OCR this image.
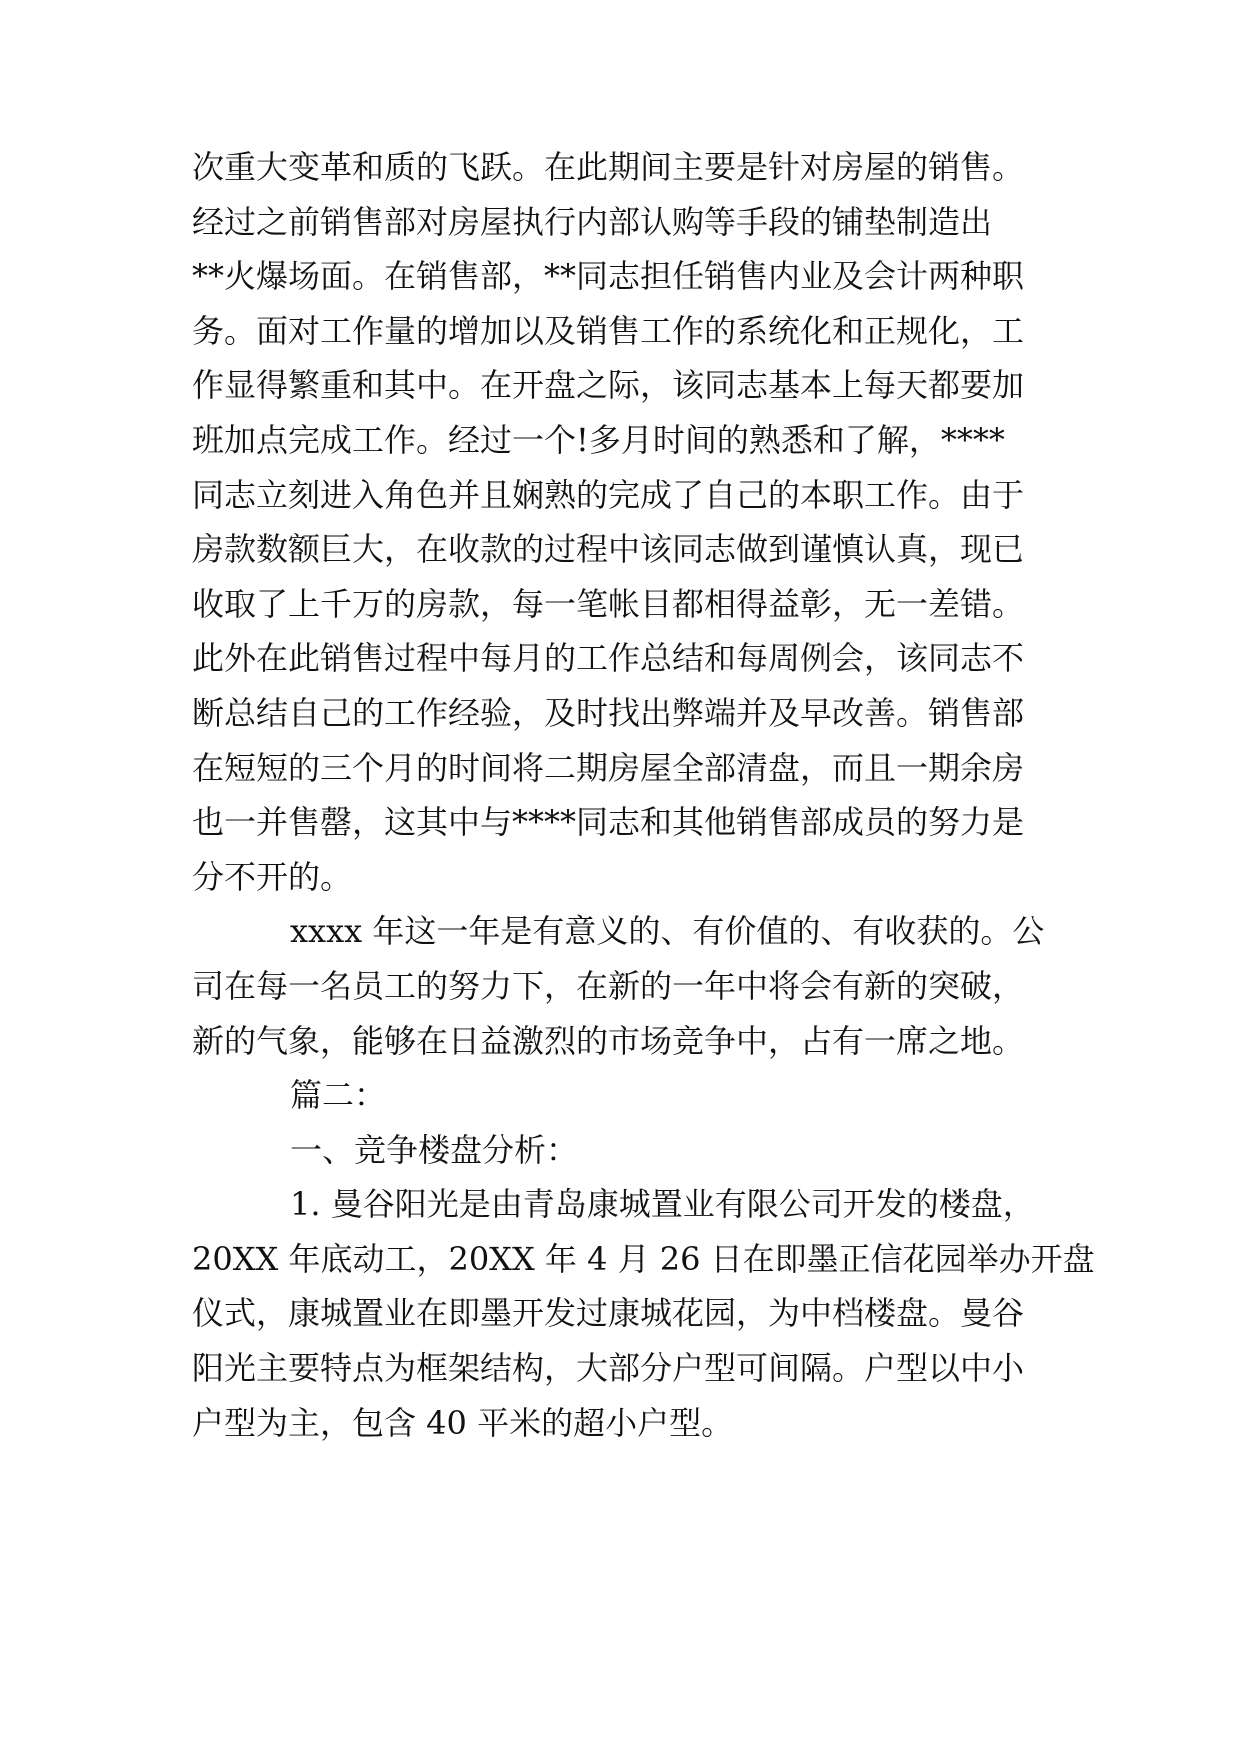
次重大变革和质的飞跃。在此期间主要是针对房屋的销售。
经过之前销售部对房屋执行内部认购等手段的铺垫制造出
**火爆场面。在销售部，**同志担任销售内业及会计两种职
务。面对工作量的增加以及销售工作的系统化和正规化，工
作显得繁重和其中。在开盘之际，该同志基本上每天都要加
班加点完成工作。经过一个!多月时间的熟悉和了解，****
同志立刻进入角色并且娴熟的完成了自己的本职工作。由于
房款数额巨大，在收款的过程中该同志做到谨慎认真，现已
收取了上千万的房款，每一笔帐目都相得益彰，无一差错。
此外在此销售过程中每月的工作总结和每周例会，该同志不
断总结自己的工作经验，及时找出弊端并及早改善。销售部
在短短的三个月的时间将二期房屋全部清盘，而且一期余房
也一并售罄，这其中与****同志和其他销售部成员的努力是
分不开的。
xxxx 年这一年是有意义的、有价值的、有收获的。公
司在每一名员工的努力下，在新的一年中将会有新的突破，
新的气象，能够在日益激烈的市场竞争中，占有一席之地。
篇二：
一、竞争楼盘分析：
1. 曼谷阳光是由青岛康城置业有限公司开发的楼盘，
20XX 年底动工，20XX 年 4 月 26 日在即墨正信花园举办开盘
仪式，康城置业在即墨开发过康城花园，为中档楼盘。曼谷
阳光主要特点为框架结构，大部分户型可间隔。户型以中小
户型为主，包含 40 平米的超小户型。
